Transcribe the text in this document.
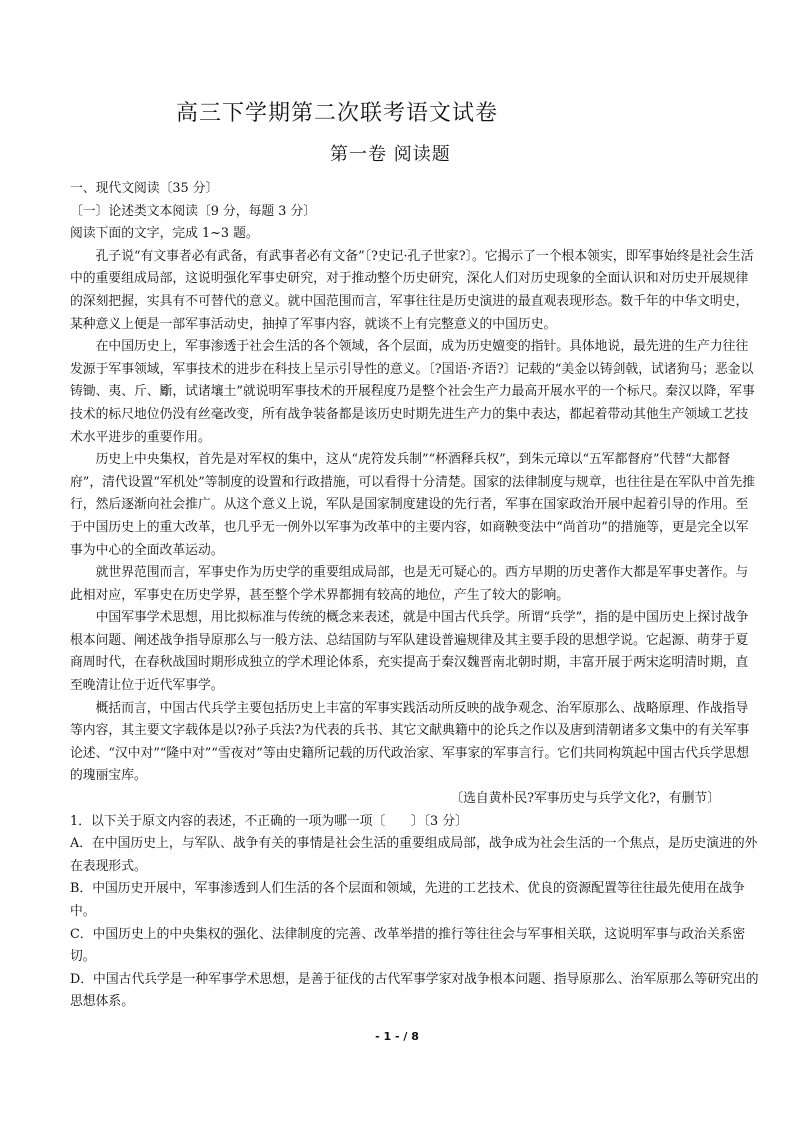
高三下学期第二次联考语文试卷
第一卷 阅读题

一、现代文阅读〔35 分〕

〔一〕论述类文本阅读〔9 分，每题 3 分〕

阅读下面的文字，完成 1~3 题。

孔子说“有文事者必有武备，有武事者必有文备”〔?史记·孔子世家?〕。它揭示了一个根本领实，即军事始终是社会生活中的重要组成局部，这说明强化军事史研究，对于推动整个历史研究，深化人们对历史现象的全面认识和对历史开展规律的深刻把握，实具有不可替代的意义。就中国范围而言，军事往往是历史演进的最直观表现形态。数千年的中华文明史，某种意义上便是一部军事活动史，抽掉了军事内容，就谈不上有完整意义的中国历史。

在中国历史上，军事渗透于社会生活的各个领域，各个层面，成为历史嬗变的指针。具体地说，最先进的生产力往往发源于军事领域，军事技术的进步在科技上呈示引导性的意义。〔?国语·齐语?〕记载的“美金以铸剑戟，试诸狗马；恶金以铸锄、夷、斤、斸，试诸壤土”就说明军事技术的开展程度乃是整个社会生产力最高开展水平的一个标尺。秦汉以降，军事技术的标尺地位仍没有丝毫改变，所有战争装备都是该历史时期先进生产力的集中表达，都起着带动其他生产领域工艺技术水平进步的重要作用。

历史上中央集权，首先是对军权的集中，这从“虎符发兵制”“杯酒释兵权”，到朱元璋以“五军都督府”代替“大都督府”，清代设置“军机处”等制度的设置和行政措施，可以看得十分清楚。国家的法律制度与规章，也往往是在军队中首先推行，然后逐渐向社会推广。从这个意义上说，军队是国家制度建设的先行者，军事在国家政治开展中起着引导的作用。至于中国历史上的重大改革，也几乎无一例外以军事为改革中的主要内容，如商鞅变法中“尚首功”的措施等，更是完全以军事为中心的全面改革运动。

就世界范围而言，军事史作为历史学的重要组成局部，也是无可疑心的。西方早期的历史著作大都是军事史著作。与此相对应，军事史在历史学界，甚至整个学术界都拥有较高的地位，产生了较大的影响。

中国军事学术思想，用比拟标准与传统的概念来表述，就是中国古代兵学。所谓“兵学”，指的是中国历史上探讨战争根本问题、阐述战争指导原那么与一般方法、总结国防与军队建设普遍规律及其主要手段的思想学说。它起源、萌芽于夏商周时代，在春秋战国时期形成独立的学术理论体系，充实提高于秦汉魏晋南北朝时期，丰富开展于两宋迄明清时期，直至晚清让位于近代军事学。

概括而言，中国古代兵学主要包括历史上丰富的军事实践活动所反映的战争观念、治军原那么、战略原理、作战指导等内容，其主要文字载体是以?孙子兵法?为代表的兵书、其它文献典籍中的论兵之作以及唐到清朝诸多文集中的有关军事论述、“汉中对”“隆中对”“雪夜对”等由史籍所记载的历代政治家、军事家的军事言行。它们共同构筑起中国古代兵学思想的瑰丽宝库。

〔选自黄朴民?军事历史与兵学文化?，有删节〕

1．以下关于原文内容的表述，不正确的一项为哪一项〔　　〕〔3 分〕

A．在中国历史上，与军队、战争有关的事情是社会生活的重要组成局部，战争成为社会生活的一个焦点，是历史演进的外在表现形式。

B．中国历史开展中，军事渗透到人们生活的各个层面和领域，先进的工艺技术、优良的资源配置等往往最先使用在战争中。

C．中国历史上的中央集权的强化、法律制度的完善、改革举措的推行等往往会与军事相关联，这说明军事与政治关系密切。

D．中国古代兵学是一种军事学术思想，是善于征伐的古代军事学家对战争根本问题、指导原那么、治军原那么等研究出的思想体系。

- 1 - / 8
